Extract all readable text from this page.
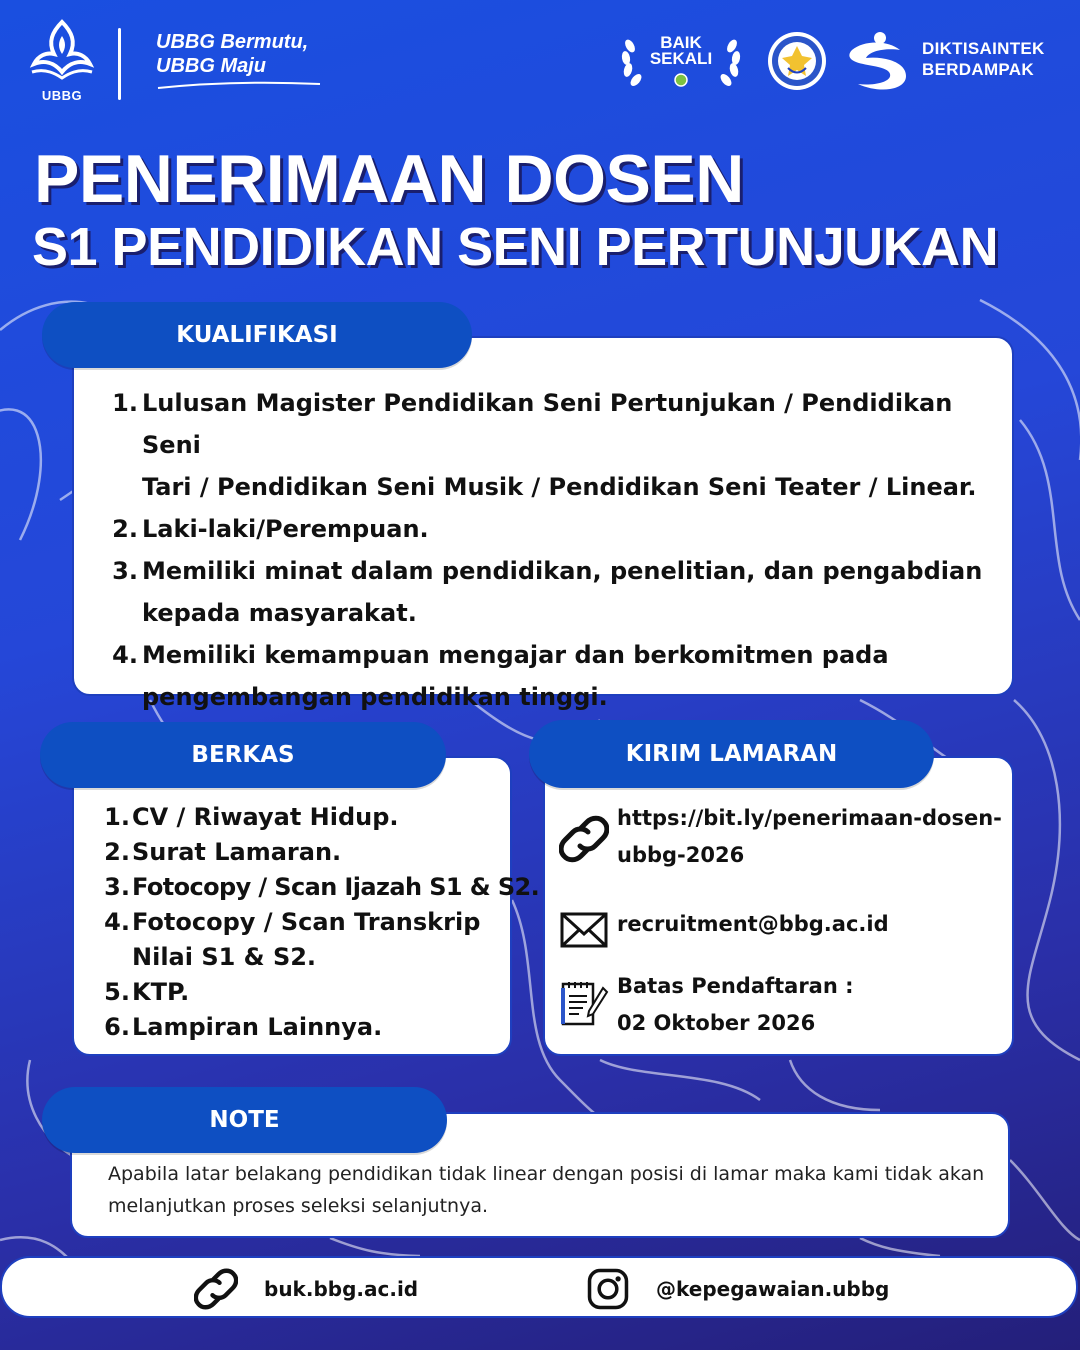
UBBG
UBBG Bermutu,
UBBG Maju
BAIK
SEKALI
DIKTISAINTEK
BERDAMPAK
PENERIMAAN DOSEN
S1 PENDIDIKAN SENI PERTUNJUKAN
1. Lulusan Magister Pendidikan Seni Pertunjukan / Pendidikan Seni
Tari / Pendidikan Seni Musik / Pendidikan Seni Teater / Linear.
2. Laki-laki/Perempuan.
3. Memiliki minat dalam pendidikan, penelitian, dan pengabdian
kepada masyarakat.
4. Memiliki kemampuan mengajar dan berkomitmen pada
pengembangan pendidikan tinggi.
KUALIFIKASI
1. CV / Riwayat Hidup.
2. Surat Lamaran.
3. Fotocopy / Scan Ijazah S1 & S2.
4. Fotocopy / Scan Transkrip
Nilai S1 & S2.
5. KTP.
6. Lampiran Lainnya.
BERKAS
https://bit.ly/penerimaan-dosen-
ubbg-2026
recruitment@bbg.ac.id
Batas Pendaftaran :
02 Oktober 2026
KIRIM LAMARAN
Apabila latar belakang pendidikan tidak linear dengan posisi di lamar maka kami tidak akan melanjutkan proses seleksi selanjutnya.
NOTE
buk.bbg.ac.id	@kepegawaian.ubbg
